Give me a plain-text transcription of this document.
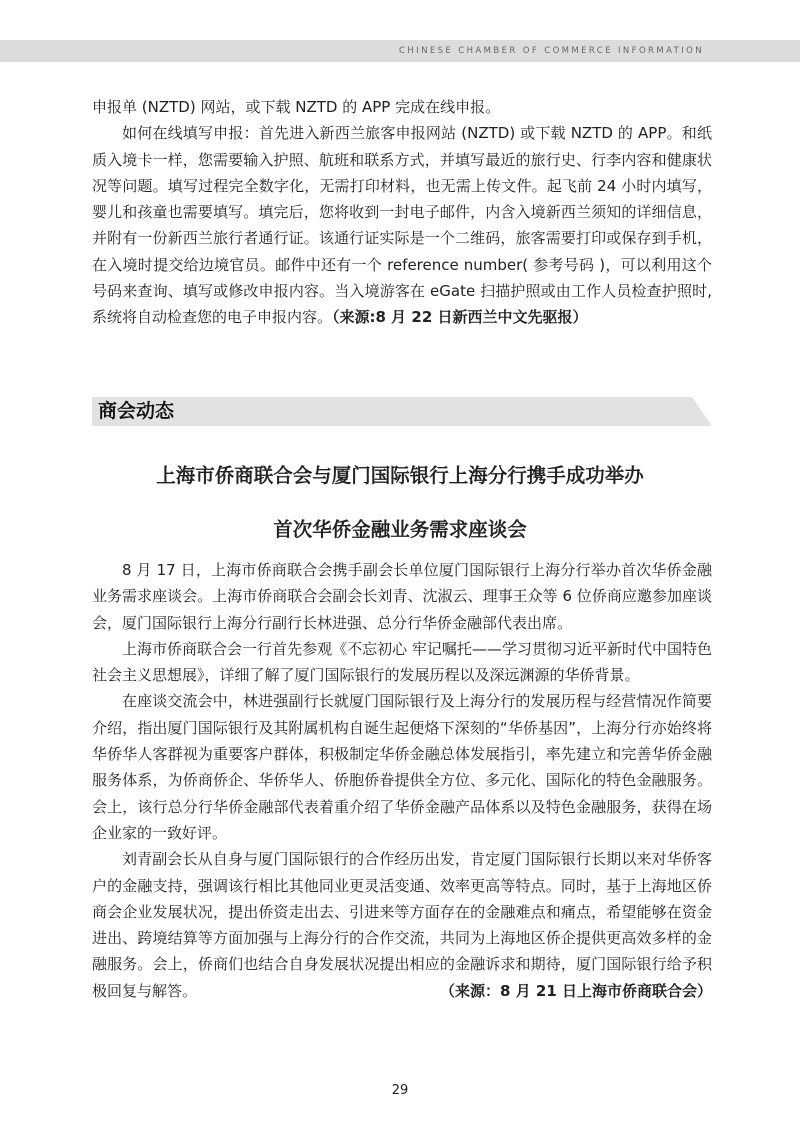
CHINESE CHAMBER OF COMMERCE INFORMATION

申报单 (NZTD) 网站，或下载 NZTD 的 APP 完成在线申报。

如何在线填写申报：首先进入新西兰旅客申报网站 (NZTD) 或下载 NZTD 的 APP。和纸质入境卡一样，您需要输入护照、航班和联系方式，并填写最近的旅行史、行李内容和健康状况等问题。填写过程完全数字化，无需打印材料，也无需上传文件。起飞前 24 小时内填写，婴儿和孩童也需要填写。填完后，您将收到一封电子邮件，内含入境新西兰须知的详细信息，并附有一份新西兰旅行者通行证。该通行证实际是一个二维码，旅客需要打印或保存到手机，在入境时提交给边境官员。邮件中还有一个 reference number( 参考号码 )，可以利用这个号码来查询、填写或修改申报内容。当入境游客在 eGate 扫描护照或由工作人员检查护照时,系统将自动检查您的电子申报内容。（来源:8 月 22 日新西兰中文先驱报）

商会动态
上海市侨商联合会与厦门国际银行上海分行携手成功举办
首次华侨金融业务需求座谈会

8 月 17 日，上海市侨商联合会携手副会长单位厦门国际银行上海分行举办首次华侨金融业务需求座谈会。上海市侨商联合会副会长刘青、沈淑云、理事王众等 6 位侨商应邀参加座谈会，厦门国际银行上海分行副行长林进强、总分行华侨金融部代表出席。

上海市侨商联合会一行首先参观《不忘初心 牢记嘱托——学习贯彻习近平新时代中国特色社会主义思想展》，详细了解了厦门国际银行的发展历程以及深远渊源的华侨背景。

在座谈交流会中，林进强副行长就厦门国际银行及上海分行的发展历程与经营情况作简要介绍，指出厦门国际银行及其附属机构自诞生起便烙下深刻的“华侨基因”，上海分行亦始终将华侨华人客群视为重要客户群体，积极制定华侨金融总体发展指引，率先建立和完善华侨金融服务体系，为侨商侨企、华侨华人、侨胞侨眷提供全方位、多元化、国际化的特色金融服务。会上，该行总分行华侨金融部代表着重介绍了华侨金融产品体系以及特色金融服务，获得在场企业家的一致好评。

刘青副会长从自身与厦门国际银行的合作经历出发，肯定厦门国际银行长期以来对华侨客户的金融支持，强调该行相比其他同业更灵活变通、效率更高等特点。同时，基于上海地区侨商会企业发展状况，提出侨资走出去、引进来等方面存在的金融难点和痛点，希望能够在资金进出、跨境结算等方面加强与上海分行的合作交流，共同为上海地区侨企提供更高效多样的金融服务。会上，侨商们也结合自身发展状况提出相应的金融诉求和期待，厦门国际银行给予积极回复与解答。	（来源：8 月 21 日上海市侨商联合会）

29
